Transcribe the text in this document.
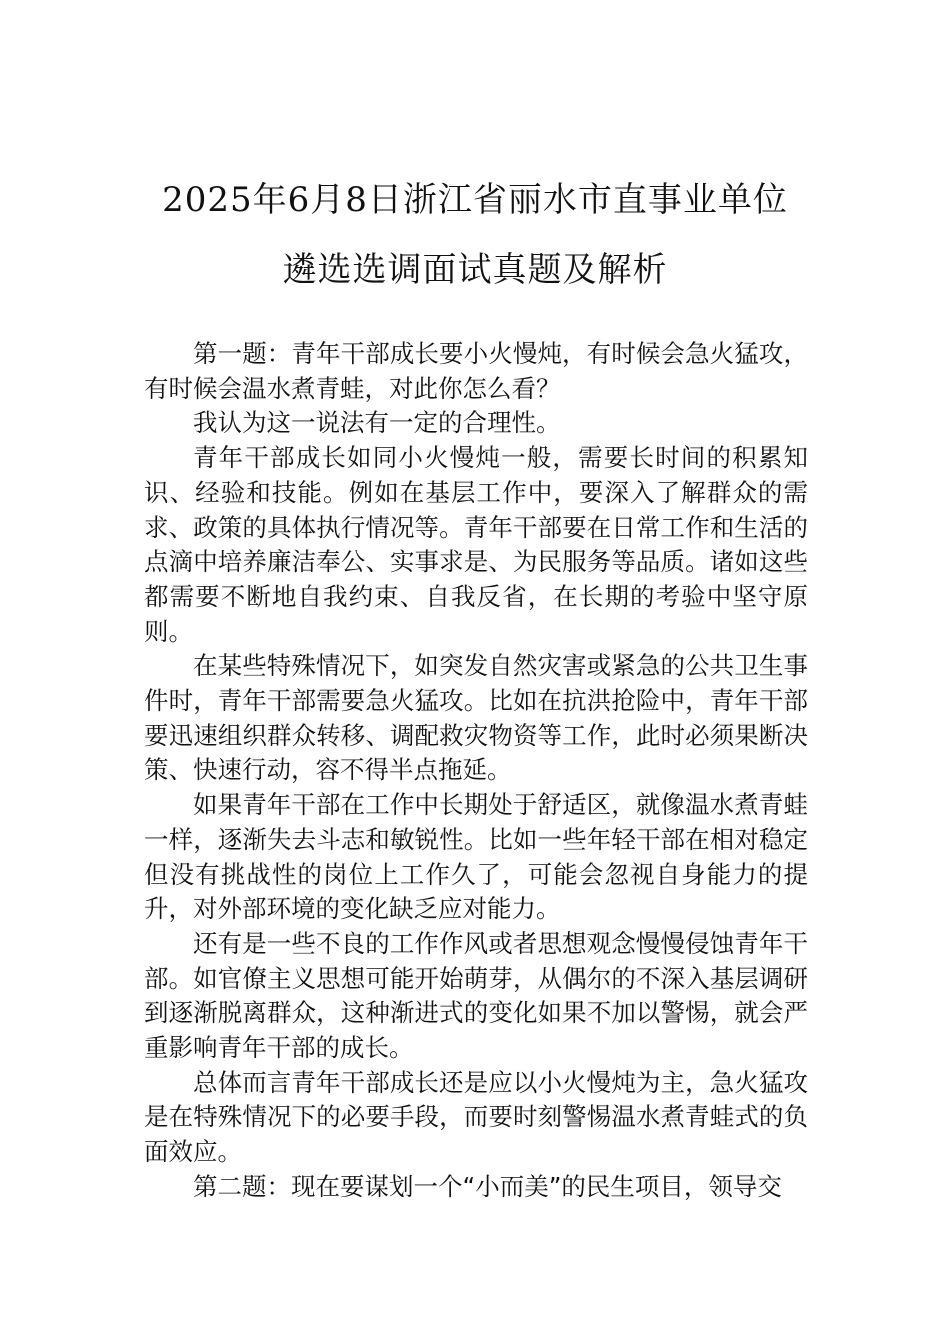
2025年6月8日浙江省丽水市直事业单位
遴选选调面试真题及解析

第一题：青年干部成长要小火慢炖，有时候会急火猛攻，有时候会温水煮青蛙，对此你怎么看？

我认为这一说法有一定的合理性。

青年干部成长如同小火慢炖一般，需要长时间的积累知识、经验和技能。例如在基层工作中，要深入了解群众的需求、政策的具体执行情况等。青年干部要在日常工作和生活的点滴中培养廉洁奉公、实事求是、为民服务等品质。诸如这些都需要不断地自我约束、自我反省，在长期的考验中坚守原则。

在某些特殊情况下，如突发自然灾害或紧急的公共卫生事件时，青年干部需要急火猛攻。比如在抗洪抢险中，青年干部要迅速组织群众转移、调配救灾物资等工作，此时必须果断决策、快速行动，容不得半点拖延。

如果青年干部在工作中长期处于舒适区，就像温水煮青蛙一样，逐渐失去斗志和敏锐性。比如一些年轻干部在相对稳定但没有挑战性的岗位上工作久了，可能会忽视自身能力的提升，对外部环境的变化缺乏应对能力。

还有是一些不良的工作作风或者思想观念慢慢侵蚀青年干部。如官僚主义思想可能开始萌芽，从偶尔的不深入基层调研到逐渐脱离群众，这种渐进式的变化如果不加以警惕，就会严重影响青年干部的成长。

总体而言青年干部成长还是应以小火慢炖为主，急火猛攻是在特殊情况下的必要手段，而要时刻警惕温水煮青蛙式的负面效应。

第二题：现在要谋划一个“小而美”的民生项目，领导交
